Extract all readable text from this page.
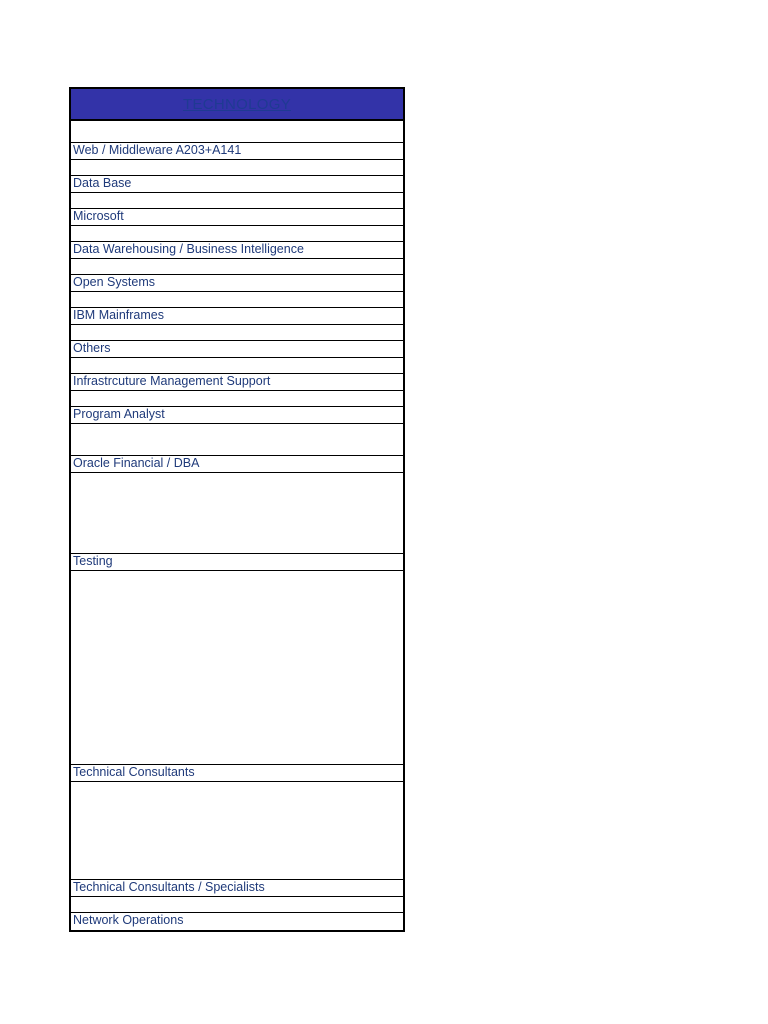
TECHNOLOGY
Web / Middleware A203+A141
Data Base
Microsoft
Data Warehousing / Business Intelligence
Open Systems
IBM Mainframes
Others
Infrastrcuture Management Support
Program Analyst
Oracle Financial / DBA
Testing
Technical Consultants
Technical Consultants / Specialists
Network Operations
